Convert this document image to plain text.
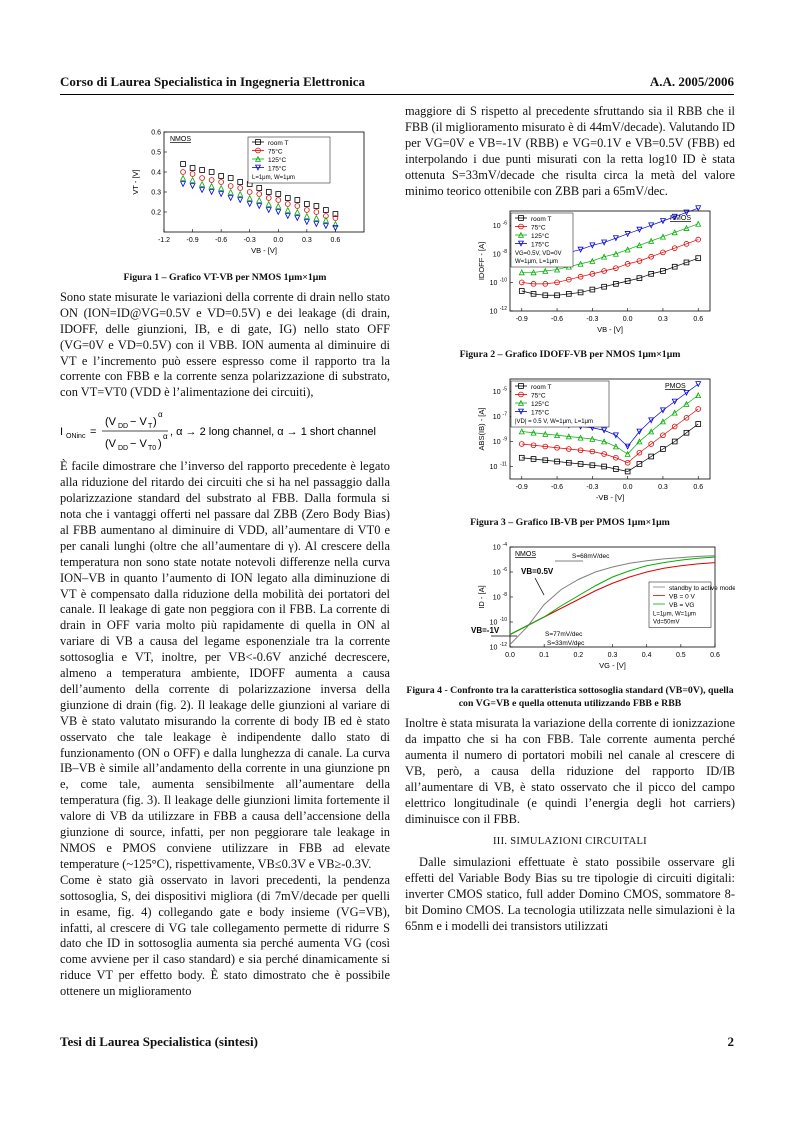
Corso di Laurea Specialistica in Ingegneria Elettronica	A.A. 2005/2006
-1.2 -0.9 -0.6 -0.3	0.0	0.3	0.6
0.6
0.5
0.4
0.3
0.2
VB - [V]
VT - [V]
NMOS
room T
75°C
125°C
175°C
L=1μm, W=1μm
Figura 1 – Grafico VT-VB per NMOS 1μm×1μm

Sono state misurate le variazioni della corrente di drain nello stato ON (ION=ID@VG=0.5V e VD=0.5V) e dei leakage (di drain, IDOFF, delle giunzioni, IB, e di gate, IG) nello stato OFF (VG=0V e VD=0.5V) con il VBB. ION aumenta al diminuire di VT e l’incremento può essere espresso come il rapporto tra la corrente con FBB e la corrente senza polarizzazione di substrato, con VT=VT0 (VDD è l’alimentazione dei circuiti),

I ONinc =
(V DD − V T )
α
(V DD − V T0 )
α , α → 2 long channel, α → 1 short channel

È facile dimostrare che l’inverso del rapporto precedente è legato alla riduzione del ritardo dei circuiti che si ha nel passaggio dalla polarizzazione standard del substrato al FBB. Dalla formula si nota che i vantaggi offerti nel passare dal ZBB (Zero Body Bias) al FBB aumentano al diminuire di VDD, all’aumentare di VT0 e per canali lunghi (oltre che all’aumentare di γ). Al crescere della temperatura non sono state notate notevoli differenze nella curva ION–VB in quanto l’aumento di ION legato alla diminuzione di VT è compensato dalla riduzione della mobilità dei portatori del canale. Il leakage di gate non peggiora con il FBB. La corrente di drain in OFF varia molto più rapidamente di quella in ON al variare di VB a causa del legame esponenziale tra la corrente sottosoglia e VT, inoltre, per VB<-0.6V anziché decrescere, almeno a temperatura ambiente, IDOFF aumenta a causa dell’aumento della corrente di polarizzazione inversa della giunzione di drain (fig. 2). Il leakage delle giunzioni al variare di VB è stato valutato misurando la corrente di body IB ed è stato osservato che tale leakage è indipendente dallo stato di funzionamento (ON o OFF) e dalla lunghezza di canale. La curva IB–VB è simile all’andamento della corrente in una giunzione pn e, come tale, aumenta sensibilmente all’aumentare della temperatura (fig. 3). Il leakage delle giunzioni limita fortemente il valore di VB da utilizzare in FBB a causa dell’accensione della giunzione di source, infatti, per non peggiorare tale leakage in NMOS e PMOS conviene utilizzare in FBB ad elevate temperature (~125°C), rispettivamente, VB≤0.3V e VB≥-0.3V.

Come è stato già osservato in lavori precedenti, la pendenza sottosoglia, S, dei dispositivi migliora (di 7mV/decade per quelli in esame, fig. 4) collegando gate e body insieme (VG=VB), infatti, al crescere di VG tale collegamento permette di ridurre S dato che ID in sottosoglia aumenta sia perché aumenta VG (così come avviene per il caso standard) e sia perché dinamicamente si riduce VT per effetto body. È stato dimostrato che è possibile ottenere un miglioramento

maggiore di S rispetto al precedente sfruttando sia il RBB che il FBB (il miglioramento misurato è di 44mV/decade). Valutando ID per VG=0V e VB=-1V (RBB) e VG=0.1V e VB=0.5V (FBB) ed interpolando i due punti misurati con la retta log10 ID è stata ottenuta S=33mV/decade che risulta circa la metà del valore minimo teorico ottenibile con ZBB pari a 65mV/dec.

-0.9	-0.6	-0.3	0.0	0.3	0.6
10 -6
10 -8
10 -10
10 -12
VB - [V]
IDOFF - [A]
NMOS
room T
75°C
125°C
175°C
VG=0.5V, VD=0V
W=1μm, L=1μm
Figura 2 – Grafico IDOFF-VB per NMOS 1μm×1μm
-0.9	-0.6	-0.3	0.0	0.3	0.6
10 -5
10 -7
10 -9
10 -11
-VB - [V]
ABS(IB) - [A]
PMOS
room T
75°C
125°C
175°C
|VD| = 0.5 V, W=1μm, L=1μm
Figura 3 – Grafico IB-VB per PMOS 1μm×1μm
0.0	0.1	0.2	0.3	0.4	0.5	0.6
10 -4
10 -6
10 -8
10 -10
10 -12
VG - [V]
ID - [A]
NMOS
standby to active mode
VB = 0 V
VB = VG
L=1μm, W=1μm
Vd=50mV
S=68mV/dec
S=77mV/dec
S=33mV/dec
VB=0.5V
VB=-1V
Figura 4 - Confronto tra la caratteristica sottosoglia standard (VB=0V), quella con VG=VB e quella ottenuta utilizzando FBB e RBB

Inoltre è stata misurata la variazione della corrente di ionizzazione da impatto che si ha con FBB. Tale corrente aumenta perché aumenta il numero di portatori mobili nel canale al crescere di VB, però, a causa della riduzione del rapporto ID/IB all’aumentare di VB, è stato osservato che il picco del campo elettrico longitudinale (e quindi l’energia degli hot carriers) diminuisce con il FBB.

III. SIMULAZIONI CIRCUITALI

Dalle simulazioni effettuate è stato possibile osservare gli effetti del Variable Body Bias su tre tipologie di circuiti digitali: inverter CMOS statico, full adder Domino CMOS, sommatore 8-bit Domino CMOS. La tecnologia utilizzata nelle simulazioni è la 65nm e i modelli dei transistors utilizzati

Tesi di Laurea Specialistica (sintesi)	2
